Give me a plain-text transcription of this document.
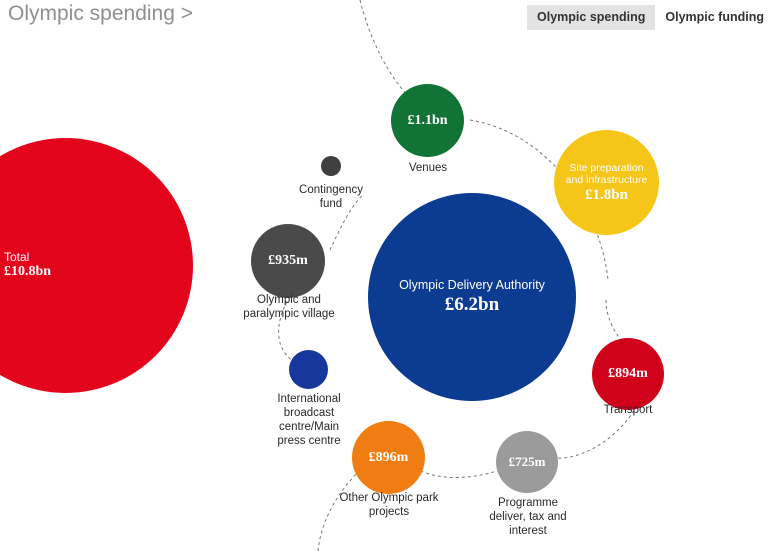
Olympic spending >	Olympic spending	Olympic funding
Total
£10.8bn
Olympic Delivery Authority
£6.2bn
£1.1bn
Venues	Site preparation and infrastructure
£1.8bn
£894m
Transport
£725m
Programme deliver, tax and interest
£896m
Other Olympic park projects
International broadcast centre/Main press centre
£935m
Olympic and paralympic village
Contingency fund
